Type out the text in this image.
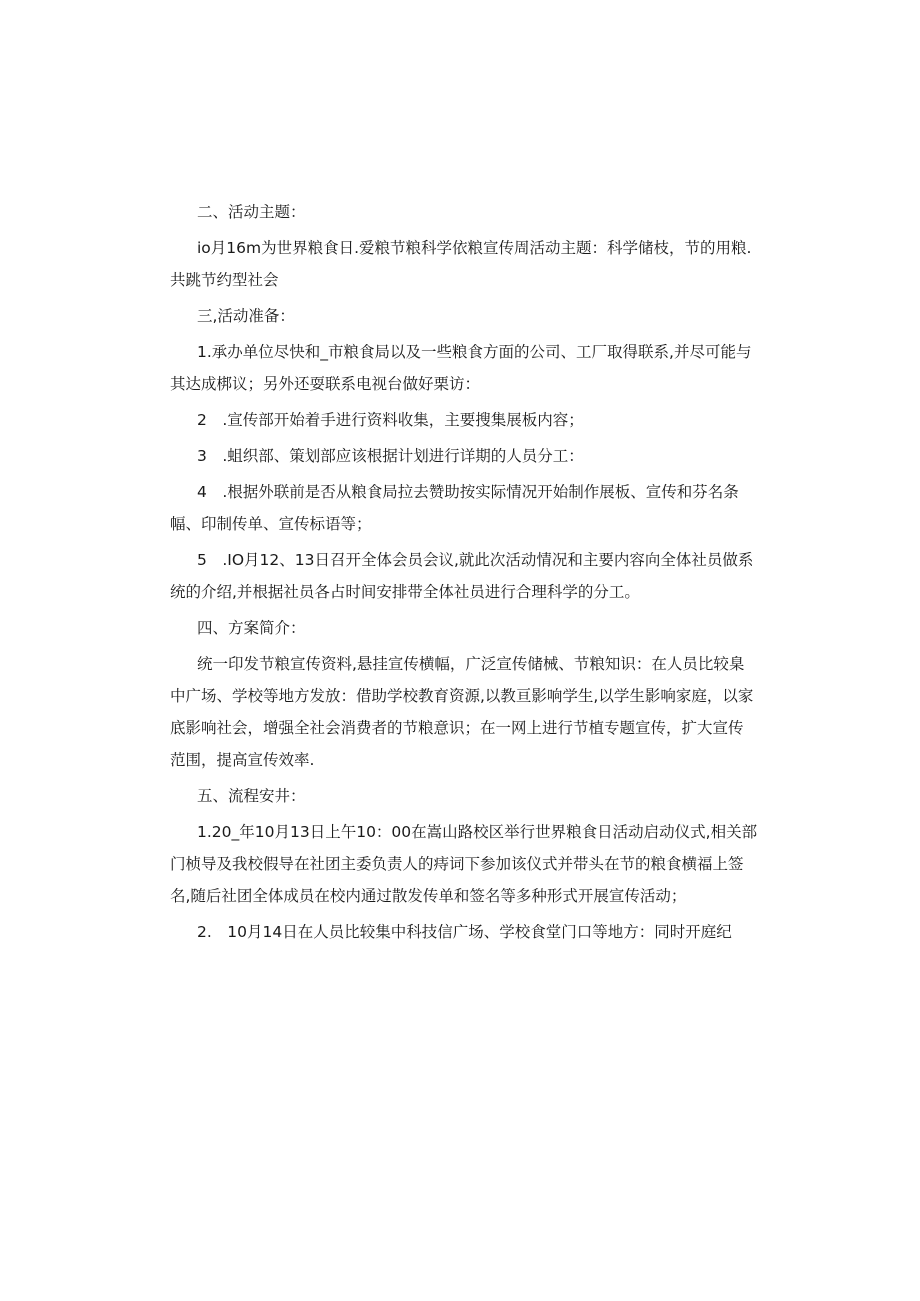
二、活动主题：

io月16m为世界粮食日.爱粮节粮科学依粮宣传周活动主题：科学储枝，节的用粮.共跳节约型社会

三,活动准备：

1.承办单位尽快和_市粮食局以及一些粮食方面的公司、工厂取得联系,并尽可能与其达成梆议；另外还耍联系电视台做好栗访：

2　.宣传部开始着手进行资料收集，主要搜集展板内容；

3　.蛆织部、策划部应该根据计划进行详期的人员分工：

4　.根据外联前是否从粮食局拉去赞助按实际情况开始制作展板、宣传和芬名条幅、印制传单、宣传标语等；

5　.IO月12、13日召开全体会员会议,就此次活动情况和主要内容向全体社员做系统的介绍,并根据社员各占时间安排带全体社员进行合理科学的分工。

四、方案简介：

统一印发节粮宣传资料,悬挂宣传横幅，广泛宣传储械、节粮知识：在人员比较臬中广场、学校等地方发放：借助学校教育资源,以教亘影响学生,以学生影响家庭，以家底影响社会，增强全社会消费者的节粮意识；在一网上进行节植专题宣传，扩大宣传范围，提高宣传效率.

五、流程安井：

1.20_年10月13日上午10：00在嵩山路校区举行世界粮食日活动启动仪式,相关部门桢导及我校假导在社团主委负责人的痔词下参加该仪式并带头在节的粮食横福上签名,随后社团全体成员在校内通过散发传单和签名等多种形式开展宣传活动；

2.　10月14日在人员比较集中科技信广场、学校食堂门口等地方：同时开庭纪
